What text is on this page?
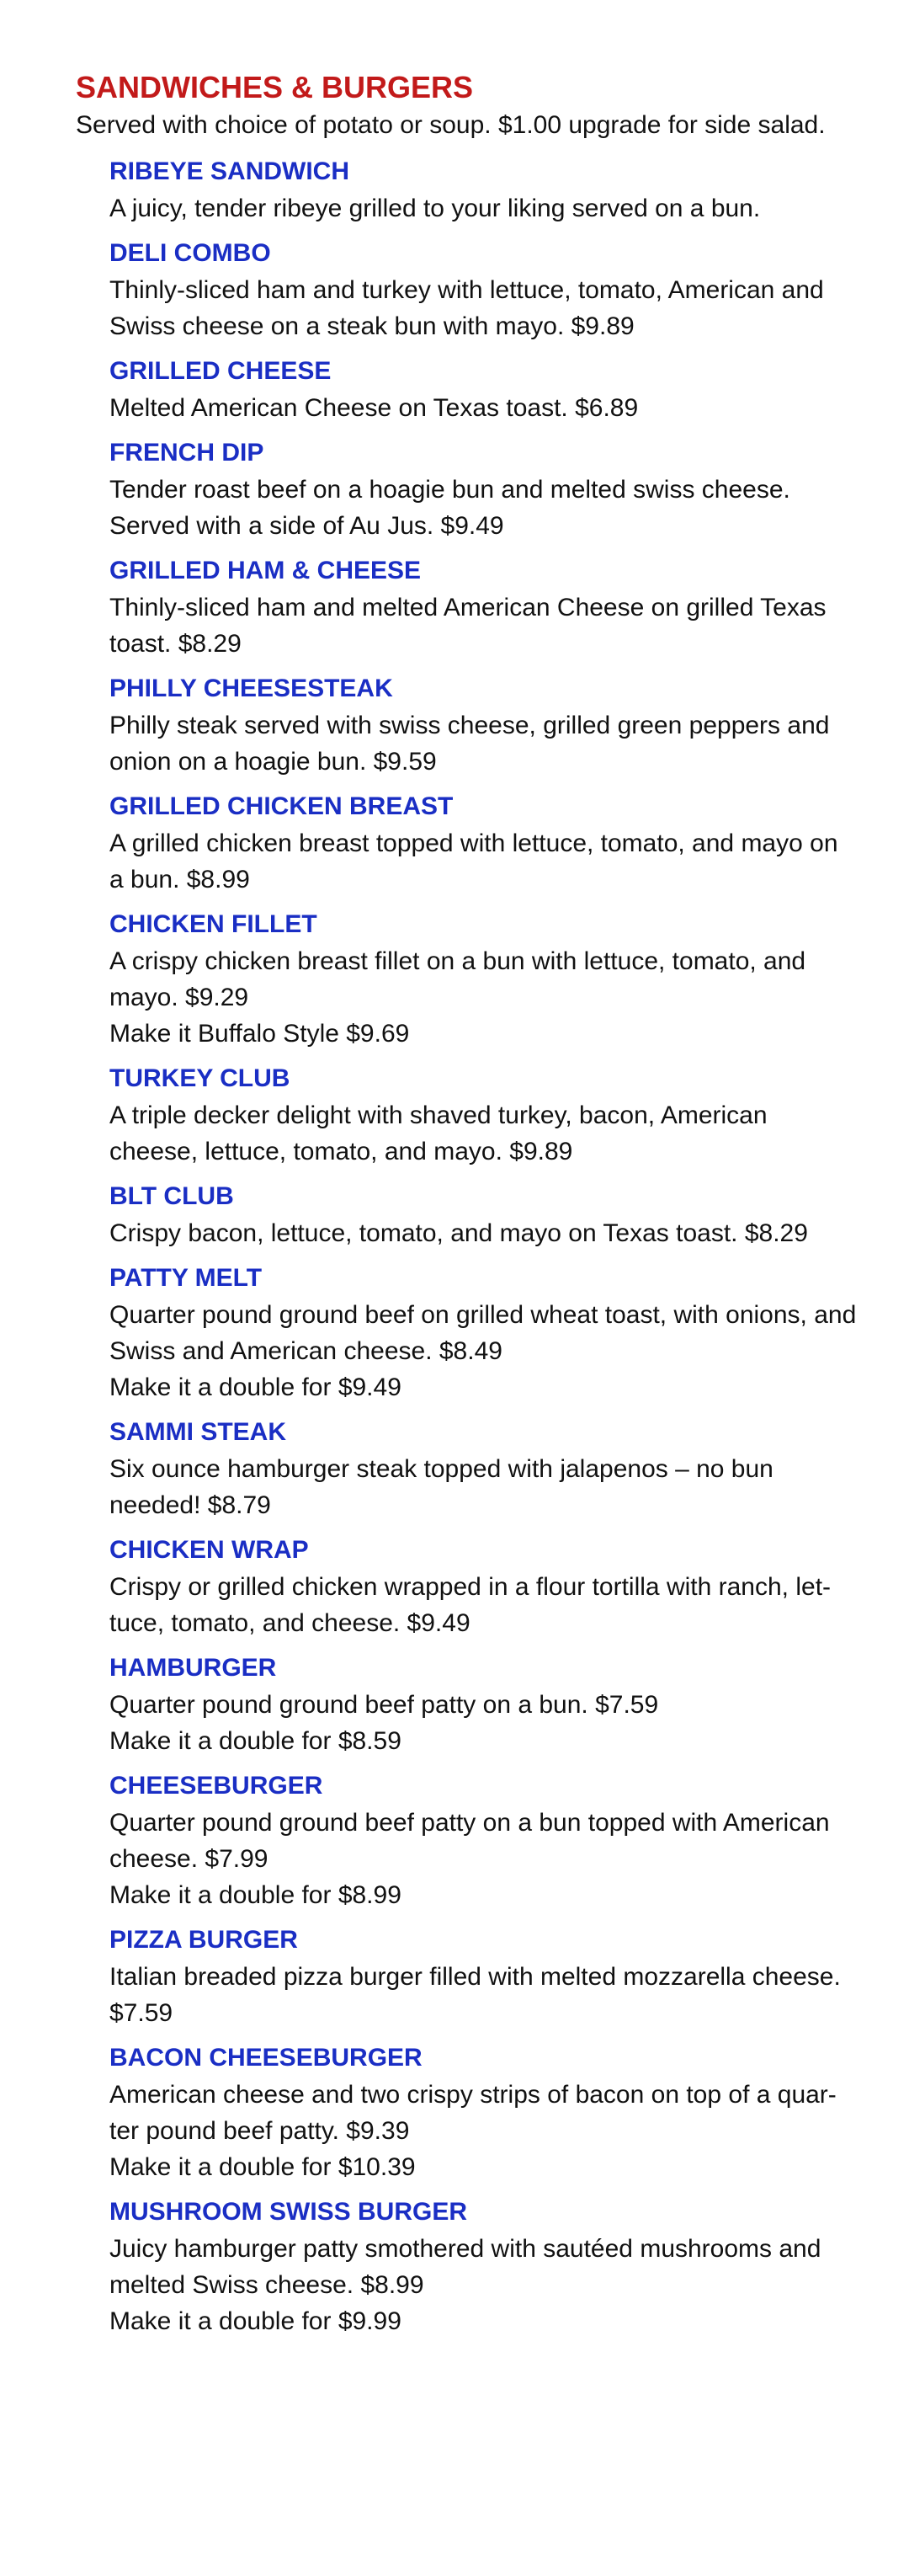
SANDWICHES & BURGERS

Served with choice of potato or soup. $1.00 upgrade for side salad.

RIBEYE SANDWICH

A juicy, tender ribeye grilled to your liking served on a bun.

DELI COMBO

Thinly-sliced ham and turkey with lettuce, tomato, American and Swiss cheese on a steak bun with mayo. $9.89

GRILLED CHEESE

Melted American Cheese on Texas toast. $6.89

FRENCH DIP

Tender roast beef on a hoagie bun and melted swiss cheese. Served with a side of Au Jus. $9.49

GRILLED HAM & CHEESE

Thinly-sliced ham and melted American Cheese on grilled Texas toast. $8.29

PHILLY CHEESESTEAK

Philly steak served with swiss cheese, grilled green peppers and onion on a hoagie bun. $9.59

GRILLED CHICKEN BREAST

A grilled chicken breast topped with lettuce, tomato, and mayo on a bun. $8.99

CHICKEN FILLET

A crispy chicken breast fillet on a bun with lettuce, tomato, and mayo. $9.29

Make it Buffalo Style $9.69

TURKEY CLUB

A triple decker delight with shaved turkey, bacon, American cheese, lettuce, tomato, and mayo. $9.89

BLT CLUB

Crispy bacon, lettuce, tomato, and mayo on Texas toast. $8.29

PATTY MELT

Quarter pound ground beef on grilled wheat toast, with onions, and Swiss and American cheese. $8.49

Make it a double for $9.49

SAMMI STEAK

Six ounce hamburger steak topped with jalapenos – no bun needed! $8.79

CHICKEN WRAP

Crispy or grilled chicken wrapped in a flour tortilla with ranch, let-tuce, tomato, and cheese. $9.49

HAMBURGER

Quarter pound ground beef patty on a bun. $7.59

Make it a double for $8.59

CHEESEBURGER

Quarter pound ground beef patty on a bun topped with American cheese. $7.99

Make it a double for $8.99

PIZZA BURGER

Italian breaded pizza burger filled with melted mozzarella cheese. $7.59

BACON CHEESEBURGER

American cheese and two crispy strips of bacon on top of a quar-ter pound beef patty. $9.39

Make it a double for $10.39

MUSHROOM SWISS BURGER

Juicy hamburger patty smothered with sautéed mushrooms and melted Swiss cheese. $8.99

Make it a double for $9.99
